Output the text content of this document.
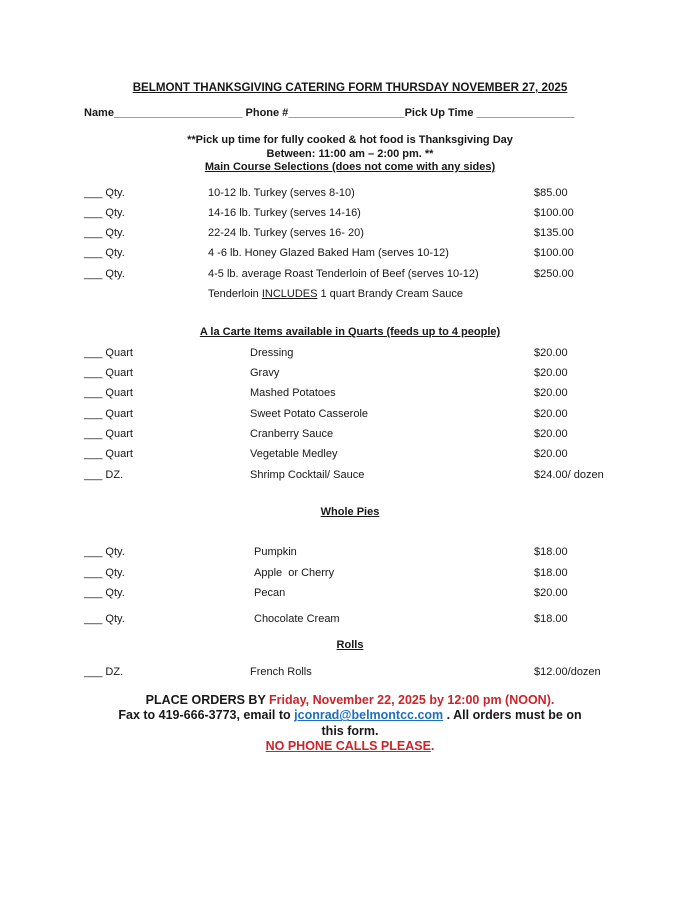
BELMONT THANKSGIVING CATERING FORM THURSDAY NOVEMBER 27, 2025
Name_____________________ Phone #___________________Pick Up Time ________________
**Pick up time for fully cooked & hot food is Thanksgiving Day
Between: 11:00 am – 2:00 pm. **
Main Course Selections (does not come with any sides)
___ Qty.	10-12 lb. Turkey (serves 8-10)	$85.00
___ Qty.	14-16 lb. Turkey (serves 14-16)	$100.00
___ Qty.	22-24 lb. Turkey (serves 16- 20)	$135.00
___ Qty.	4 -6 lb. Honey Glazed Baked Ham (serves 10-12)	$100.00
___ Qty.	4-5 lb. average Roast Tenderloin of Beef (serves 10-12)	$250.00
Tenderloin INCLUDES 1 quart Brandy Cream Sauce
A la Carte Items available in Quarts (feeds up to 4 people)
___ Quart	Dressing	$20.00
___ Quart	Gravy	$20.00
___ Quart	Mashed Potatoes	$20.00
___ Quart	Sweet Potato Casserole	$20.00
___ Quart	Cranberry Sauce	$20.00
___ Quart	Vegetable Medley	$20.00
___ DZ.	Shrimp Cocktail/ Sauce	$24.00/ dozen
Whole Pies
___ Qty.	Pumpkin	$18.00
___ Qty.	Apple  or Cherry	$18.00
___ Qty.	Pecan	$20.00
___ Qty.	Chocolate Cream	$18.00
Rolls
___ DZ.	French Rolls	$12.00/dozen
PLACE ORDERS BY Friday, November 22, 2025 by 12:00 pm (NOON).
Fax to 419-666-3773, email to jconrad@belmontcc.com . All orders must be on
this form.
NO PHONE CALLS PLEASE.
